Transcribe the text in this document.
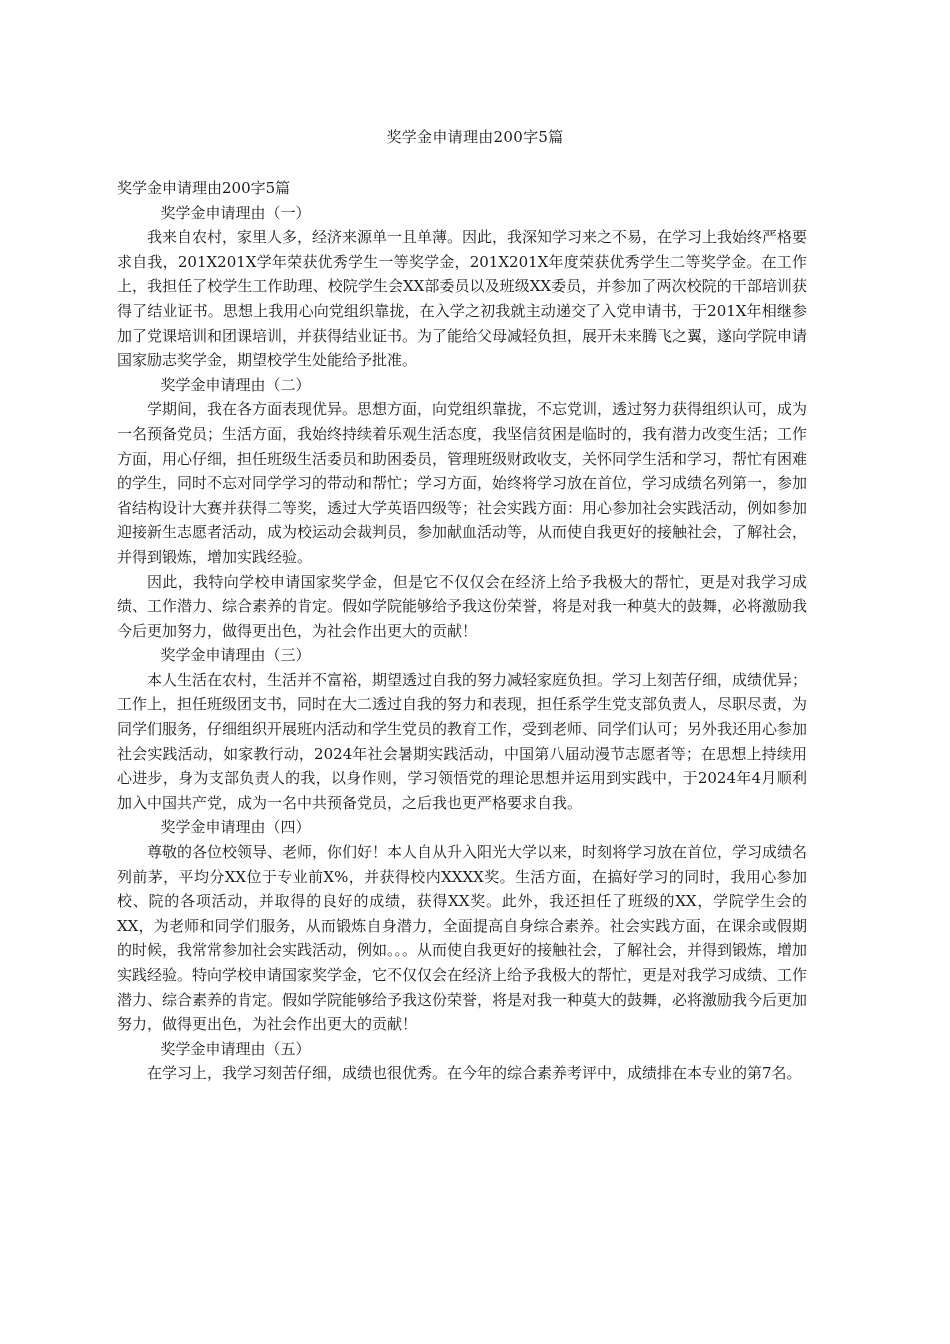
奖学金申请理由200字5篇

奖学金申请理由200字5篇

奖学金申请理由（一）

我来自农村，家里人多，经济来源单一且单薄。因此，我深知学习来之不易，在学习上我始终严格要求自我，201X201X学年荣获优秀学生一等奖学金，201X201X年度荣获优秀学生二等奖学金。在工作上，我担任了校学生工作助理、校院学生会XX部委员以及班级XX委员，并参加了两次校院的干部培训获得了结业证书。思想上我用心向党组织靠拢，在入学之初我就主动递交了入党申请书，于201X年相继参加了党课培训和团课培训，并获得结业证书。为了能给父母减轻负担，展开未来腾飞之翼，遂向学院申请国家励志奖学金，期望校学生处能给予批准。

奖学金申请理由（二）

学期间，我在各方面表现优异。思想方面，向党组织靠拢，不忘党训，透过努力获得组织认可，成为一名预备党员；生活方面，我始终持续着乐观生活态度，我坚信贫困是临时的，我有潜力改变生活；工作方面，用心仔细，担任班级生活委员和助困委员，管理班级财政收支，关怀同学生活和学习，帮忙有困难的学生，同时不忘对同学学习的带动和帮忙；学习方面，始终将学习放在首位，学习成绩名列第一，参加省结构设计大赛并获得二等奖，透过大学英语四级等；社会实践方面：用心参加社会实践活动，例如参加迎接新生志愿者活动，成为校运动会裁判员，参加献血活动等，从而使自我更好的接触社会，了解社会，并得到锻炼，增加实践经验。

因此，我特向学校申请国家奖学金，但是它不仅仅会在经济上给予我极大的帮忙，更是对我学习成绩、工作潜力、综合素养的肯定。假如学院能够给予我这份荣誉，将是对我一种莫大的鼓舞，必将激励我今后更加努力，做得更出色，为社会作出更大的贡献！

奖学金申请理由（三）

本人生活在农村，生活并不富裕，期望透过自我的努力减轻家庭负担。学习上刻苦仔细，成绩优异；工作上，担任班级团支书，同时在大二透过自我的努力和表现，担任系学生党支部负责人，尽职尽责，为同学们服务，仔细组织开展班内活动和学生党员的教育工作，受到老师、同学们认可；另外我还用心参加社会实践活动，如家教行动，2024年社会暑期实践活动，中国第八届动漫节志愿者等；在思想上持续用心进步，身为支部负责人的我，以身作则，学习领悟党的理论思想并运用到实践中，于2024年4月顺利加入中国共产党，成为一名中共预备党员，之后我也更严格要求自我。

奖学金申请理由（四）

尊敬的各位校领导、老师，你们好！本人自从升入阳光大学以来，时刻将学习放在首位，学习成绩名列前茅，平均分XX位于专业前X%，并获得校内XXXX奖。生活方面，在搞好学习的同时，我用心参加校、院的各项活动，并取得的良好的成绩，获得XX奖。此外，我还担任了班级的XX，学院学生会的XX，为老师和同学们服务，从而锻炼自身潜力，全面提高自身综合素养。社会实践方面，在课余或假期的时候，我常常参加社会实践活动，例如。。。从而使自我更好的接触社会，了解社会，并得到锻炼，增加实践经验。特向学校申请国家奖学金，它不仅仅会在经济上给予我极大的帮忙，更是对我学习成绩、工作潜力、综合素养的肯定。假如学院能够给予我这份荣誉，将是对我一种莫大的鼓舞，必将激励我今后更加努力，做得更出色，为社会作出更大的贡献！

奖学金申请理由（五）

在学习上，我学习刻苦仔细，成绩也很优秀。在今年的综合素养考评中，成绩排在本专业的第7名。
